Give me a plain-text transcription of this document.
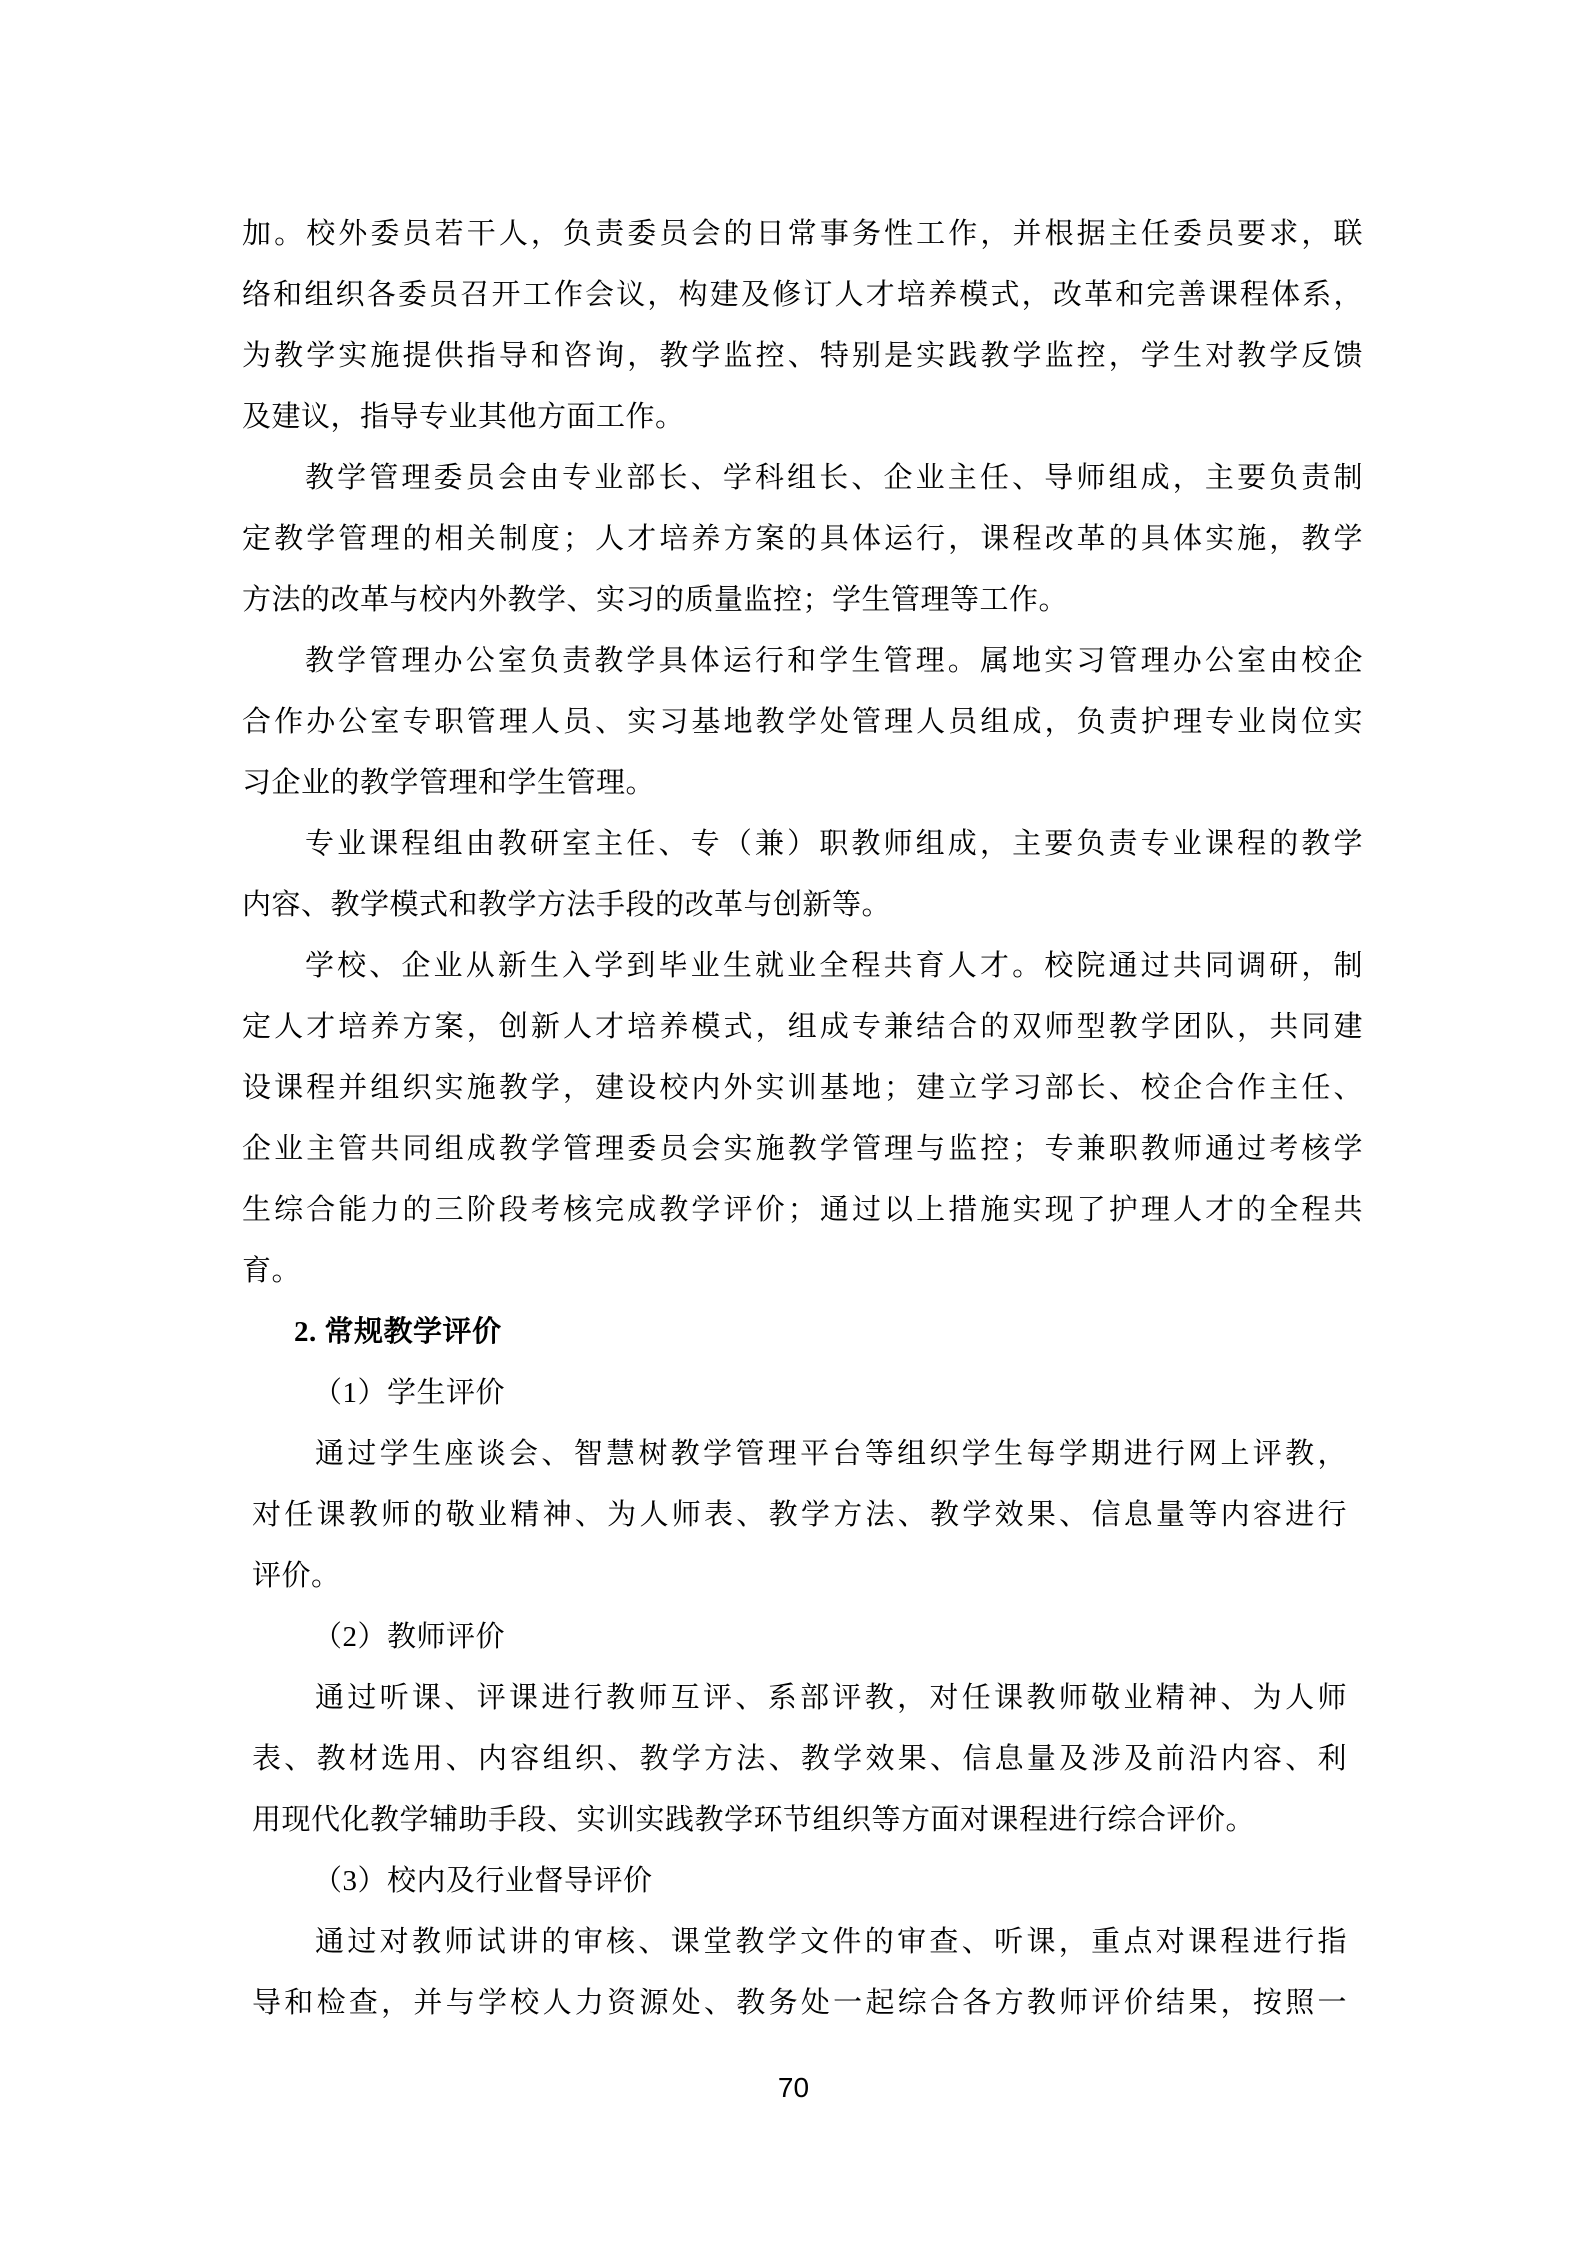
加。校外委员若干人，负责委员会的日常事务性工作，并根据主任委员要求，联
络和组织各委员召开工作会议，构建及修订人才培养模式，改革和完善课程体系，
为教学实施提供指导和咨询，教学监控、特别是实践教学监控，学生对教学反馈
及建议，指导专业其他方面工作。
教学管理委员会由专业部长、学科组长、企业主任、导师组成，主要负责制
定教学管理的相关制度；人才培养方案的具体运行，课程改革的具体实施，教学
方法的改革与校内外教学、实习的质量监控；学生管理等工作。
教学管理办公室负责教学具体运行和学生管理。属地实习管理办公室由校企
合作办公室专职管理人员、实习基地教学处管理人员组成，负责护理专业岗位实
习企业的教学管理和学生管理。
专业课程组由教研室主任、专（兼）职教师组成，主要负责专业课程的教学
内容、教学模式和教学方法手段的改革与创新等。
学校、企业从新生入学到毕业生就业全程共育人才。校院通过共同调研，制
定人才培养方案，创新人才培养模式，组成专兼结合的双师型教学团队，共同建
设课程并组织实施教学，建设校内外实训基地；建立学习部长、校企合作主任、
企业主管共同组成教学管理委员会实施教学管理与监控；专兼职教师通过考核学
生综合能力的三阶段考核完成教学评价；通过以上措施实现了护理人才的全程共
育。
2. 常规教学评价
（1）学生评价
通过学生座谈会、智慧树教学管理平台等组织学生每学期进行网上评教，
对任课教师的敬业精神、为人师表、教学方法、教学效果、信息量等内容进行
评价。
（2）教师评价
通过听课、评课进行教师互评、系部评教，对任课教师敬业精神、为人师
表、教材选用、内容组织、教学方法、教学效果、信息量及涉及前沿内容、利
用现代化教学辅助手段、实训实践教学环节组织等方面对课程进行综合评价。
（3）校内及行业督导评价
通过对教师试讲的审核、课堂教学文件的审查、听课，重点对课程进行指
导和检查，并与学校人力资源处、教务处一起综合各方教师评价结果，按照一
70
